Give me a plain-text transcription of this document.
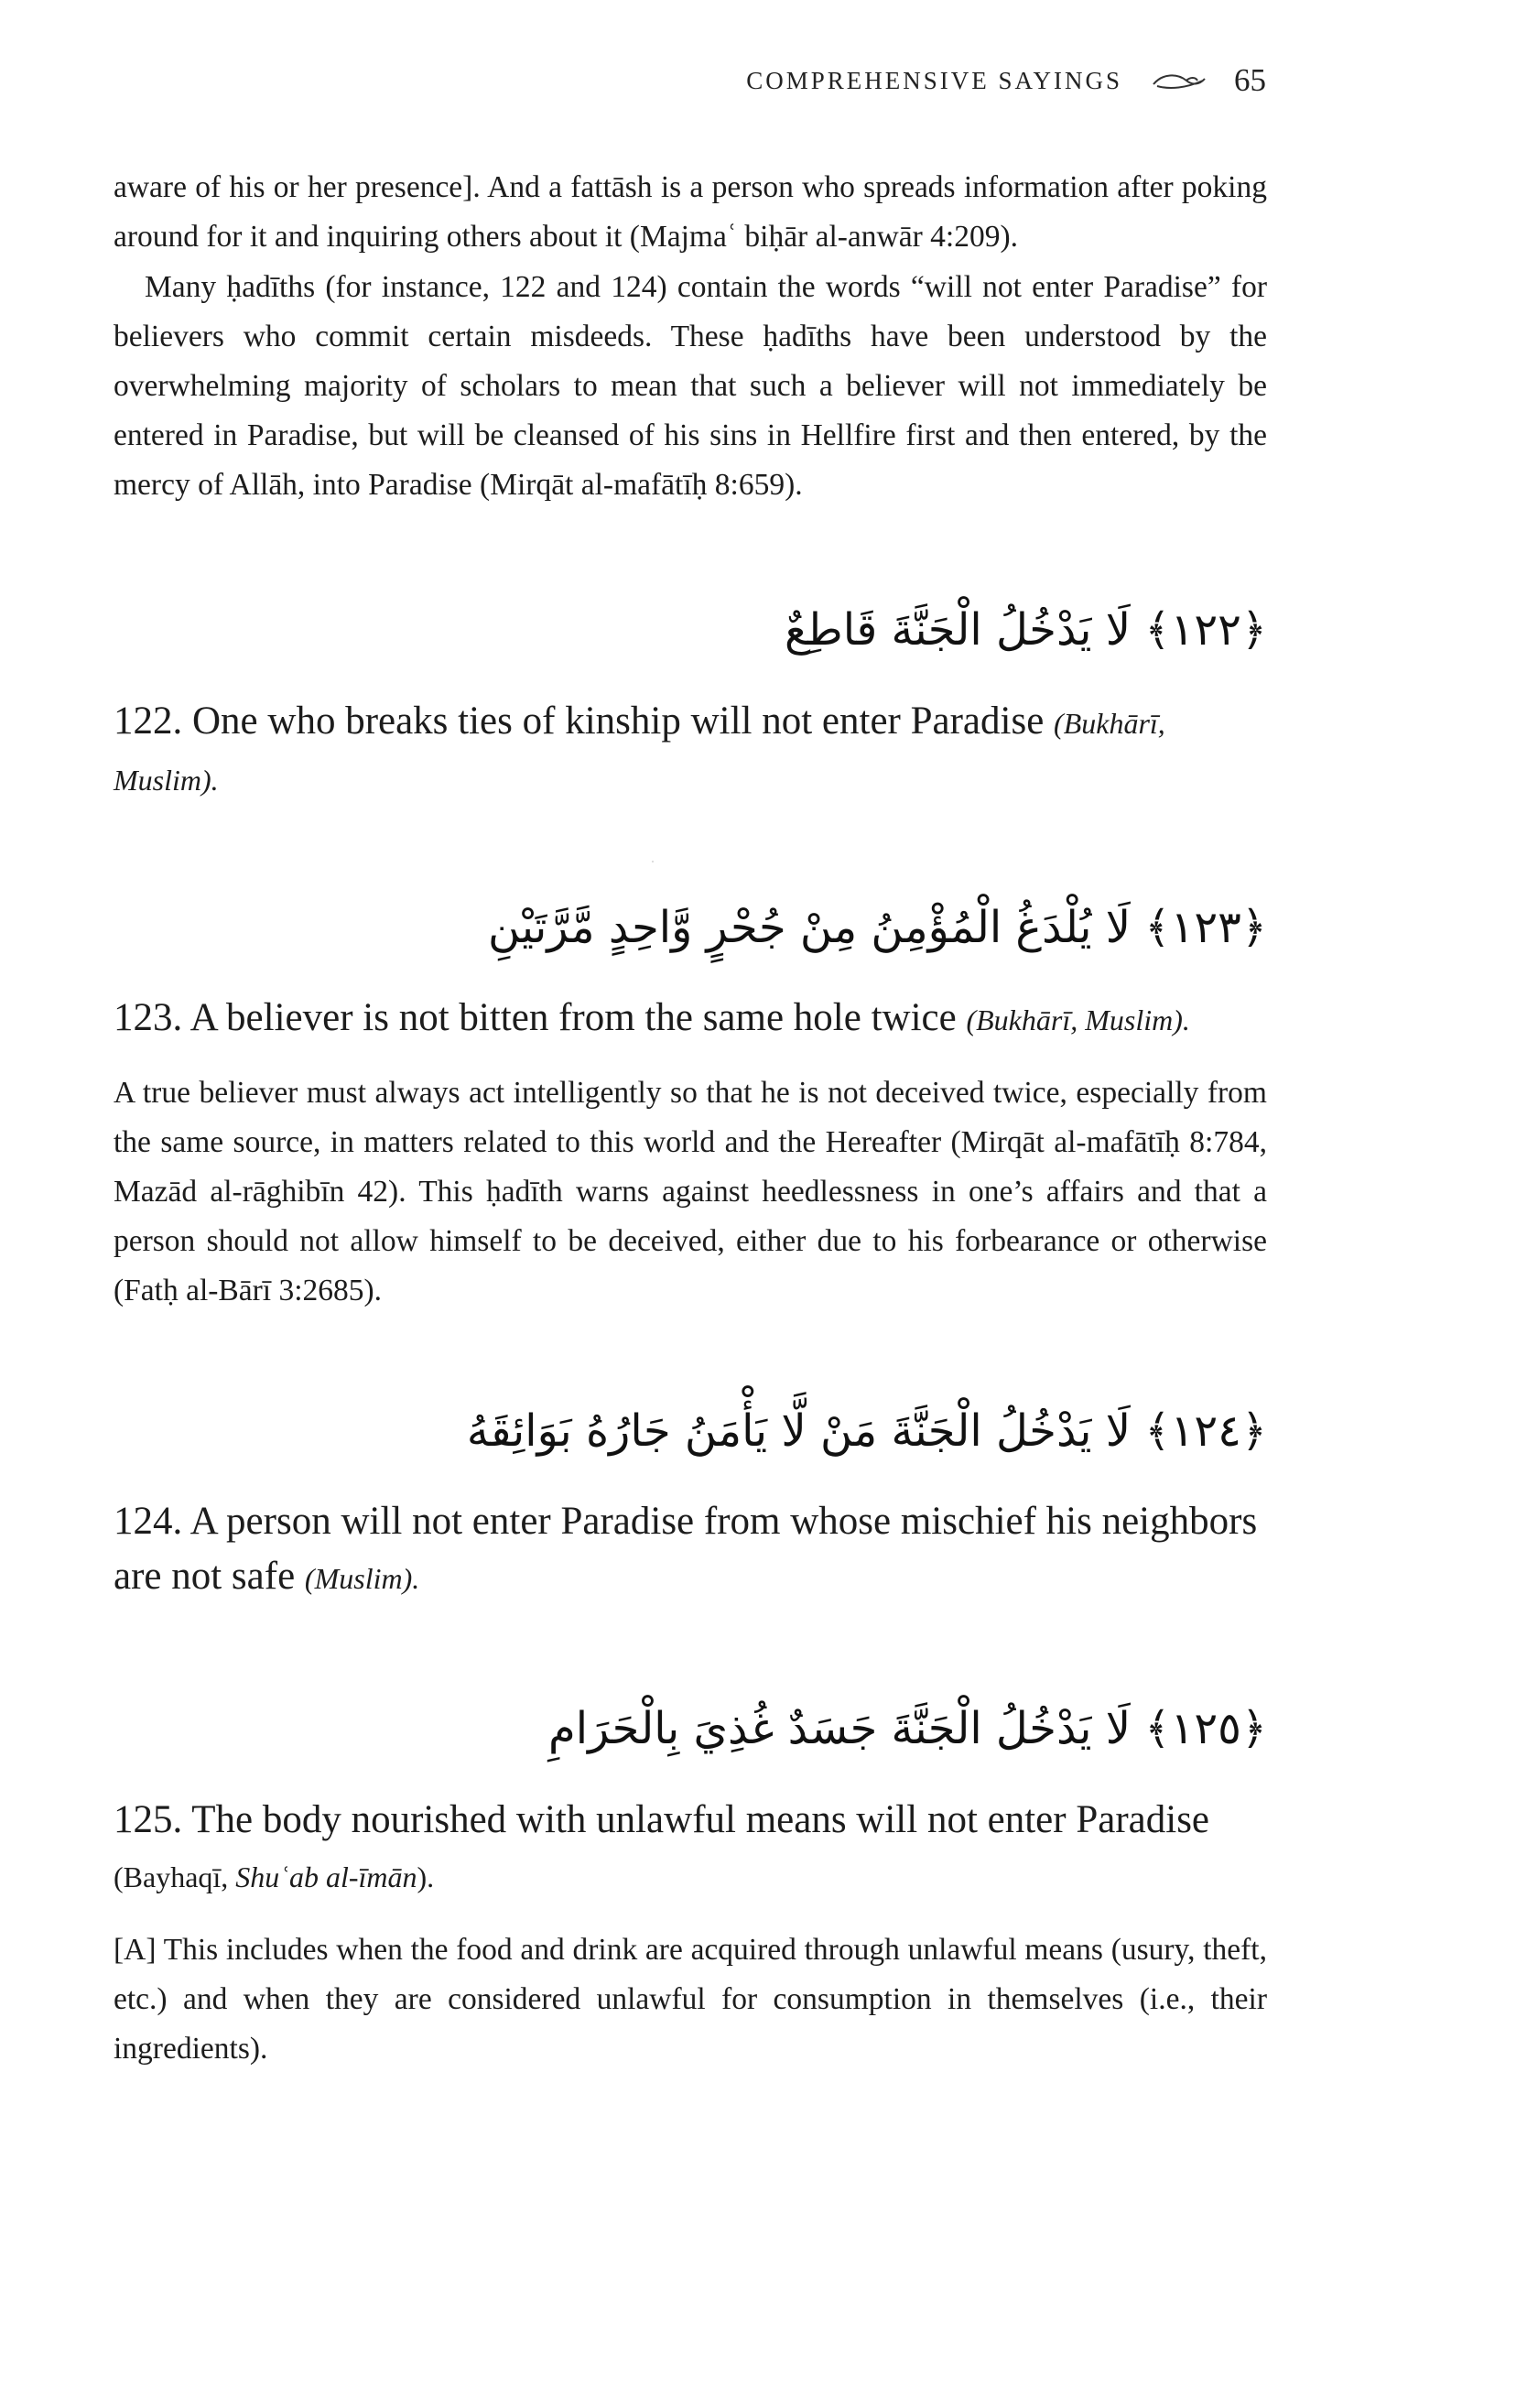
COMPREHENSIVE SAYINGS	65

aware of his or her presence]. And a fattāsh is a person who spreads information after poking around for it and inquiring others about it (Majmaʿ biḥār al-anwār 4:209).

Many ḥadīths (for instance, 122 and 124) contain the words “will not enter Paradise” for believers who commit certain misdeeds. These ḥadīths have been understood by the overwhelming majority of scholars to mean that such a believer will not immediately be entered in Paradise, but will be cleansed of his sins in Hellfire first and then entered, by the mercy of Allāh, into Paradise (Mirqāt al-mafātīḥ 8:659).

﴿١٢٢﴾ لَا يَدْخُلُ الْجَنَّةَ قَاطِعٌ

122. One who breaks ties of kinship will not enter Paradise (Bukhārī, Muslim).

﴿١٢٣﴾ لَا يُلْدَغُ الْمُؤْمِنُ مِنْ جُحْرٍ وَّاحِدٍ مَّرَّتَيْنِ

123. A believer is not bitten from the same hole twice (Bukhārī, Muslim).

A true believer must always act intelligently so that he is not deceived twice, especially from the same source, in matters related to this world and the Hereafter (Mirqāt al-mafātīḥ 8:784, Mazād al-rāghibīn 42). This ḥadīth warns against heedlessness in one’s affairs and that a person should not allow himself to be deceived, either due to his forbearance or otherwise (Fatḥ al-Bārī 3:2685).

﴿١٢٤﴾ لَا يَدْخُلُ الْجَنَّةَ مَنْ لَّا يَأْمَنُ جَارُهُ بَوَائِقَهُ

124. A person will not enter Paradise from whose mischief his neighbors are not safe (Muslim).

﴿١٢٥﴾ لَا يَدْخُلُ الْجَنَّةَ جَسَدٌ غُذِيَ بِالْحَرَامِ

125. The body nourished with unlawful means will not enter Paradise
(Bayhaqī, Shuʿab al-īmān).

[A] This includes when the food and drink are acquired through unlawful means (usury, theft, etc.) and when they are considered unlawful for consumption in themselves (i.e., their ingredients).
